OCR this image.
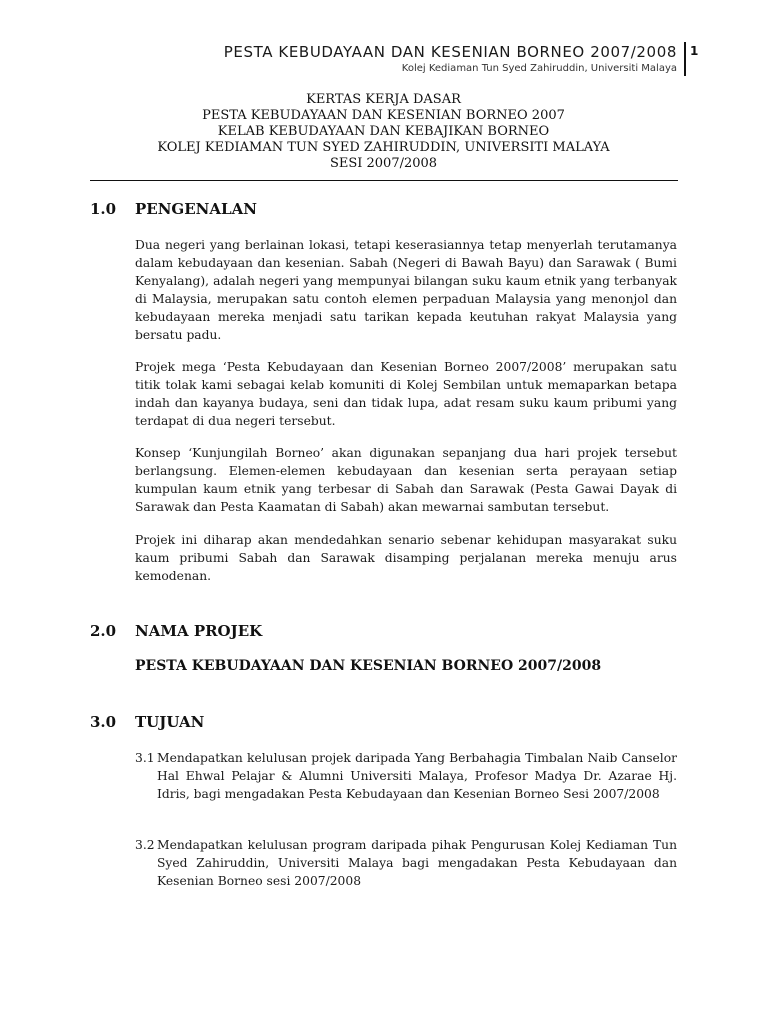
PESTA KEBUDAYAAN DAN KESENIAN BORNEO 2007/2008
Kolej Kediaman Tun Syed Zahiruddin, Universiti Malaya
1
KERTAS KERJA DASAR
PESTA KEBUDAYAAN DAN KESENIAN BORNEO 2007
KELAB KEBUDAYAAN DAN KEBAJIKAN BORNEO
KOLEJ KEDIAMAN TUN SYED ZAHIRUDDIN, UNIVERSITI MALAYA
SESI 2007/2008
1.0 PENGENALAN
Dua negeri yang berlainan lokasi, tetapi keserasiannya tetap menyerlah terutamanya dalam kebudayaan dan kesenian. Sabah (Negeri di Bawah Bayu) dan Sarawak ( Bumi Kenyalang), adalah negeri yang mempunyai bilangan suku kaum etnik yang terbanyak di Malaysia, merupakan satu contoh elemen perpaduan Malaysia yang menonjol dan kebudayaan mereka menjadi satu tarikan kepada keutuhan rakyat Malaysia yang bersatu padu.
Projek mega ‘Pesta Kebudayaan dan Kesenian Borneo 2007/2008’ merupakan satu titik tolak kami sebagai kelab komuniti di Kolej Sembilan untuk memaparkan betapa indah dan kayanya budaya, seni dan tidak lupa, adat resam suku kaum pribumi yang terdapat di dua negeri tersebut.
Konsep ‘Kunjungilah Borneo’ akan digunakan sepanjang dua hari projek tersebut berlangsung. Elemen-elemen kebudayaan dan kesenian serta perayaan setiap kumpulan kaum etnik yang terbesar di Sabah dan Sarawak (Pesta Gawai Dayak di Sarawak dan Pesta Kaamatan di Sabah) akan mewarnai sambutan tersebut.
Projek ini diharap akan mendedahkan senario sebenar kehidupan masyarakat suku kaum pribumi Sabah dan Sarawak disamping perjalanan mereka menuju arus kemodenan.
2.0 NAMA PROJEK
PESTA KEBUDAYAAN DAN KESENIAN BORNEO 2007/2008
3.0 TUJUAN
3.1 Mendapatkan kelulusan projek daripada Yang Berbahagia Timbalan Naib Canselor Hal Ehwal Pelajar & Alumni Universiti Malaya, Profesor Madya Dr. Azarae Hj. Idris, bagi mengadakan Pesta Kebudayaan dan Kesenian Borneo Sesi 2007/2008
3.2 Mendapatkan kelulusan program daripada pihak Pengurusan Kolej Kediaman Tun Syed Zahiruddin, Universiti Malaya bagi mengadakan Pesta Kebudayaan dan Kesenian Borneo sesi 2007/2008
